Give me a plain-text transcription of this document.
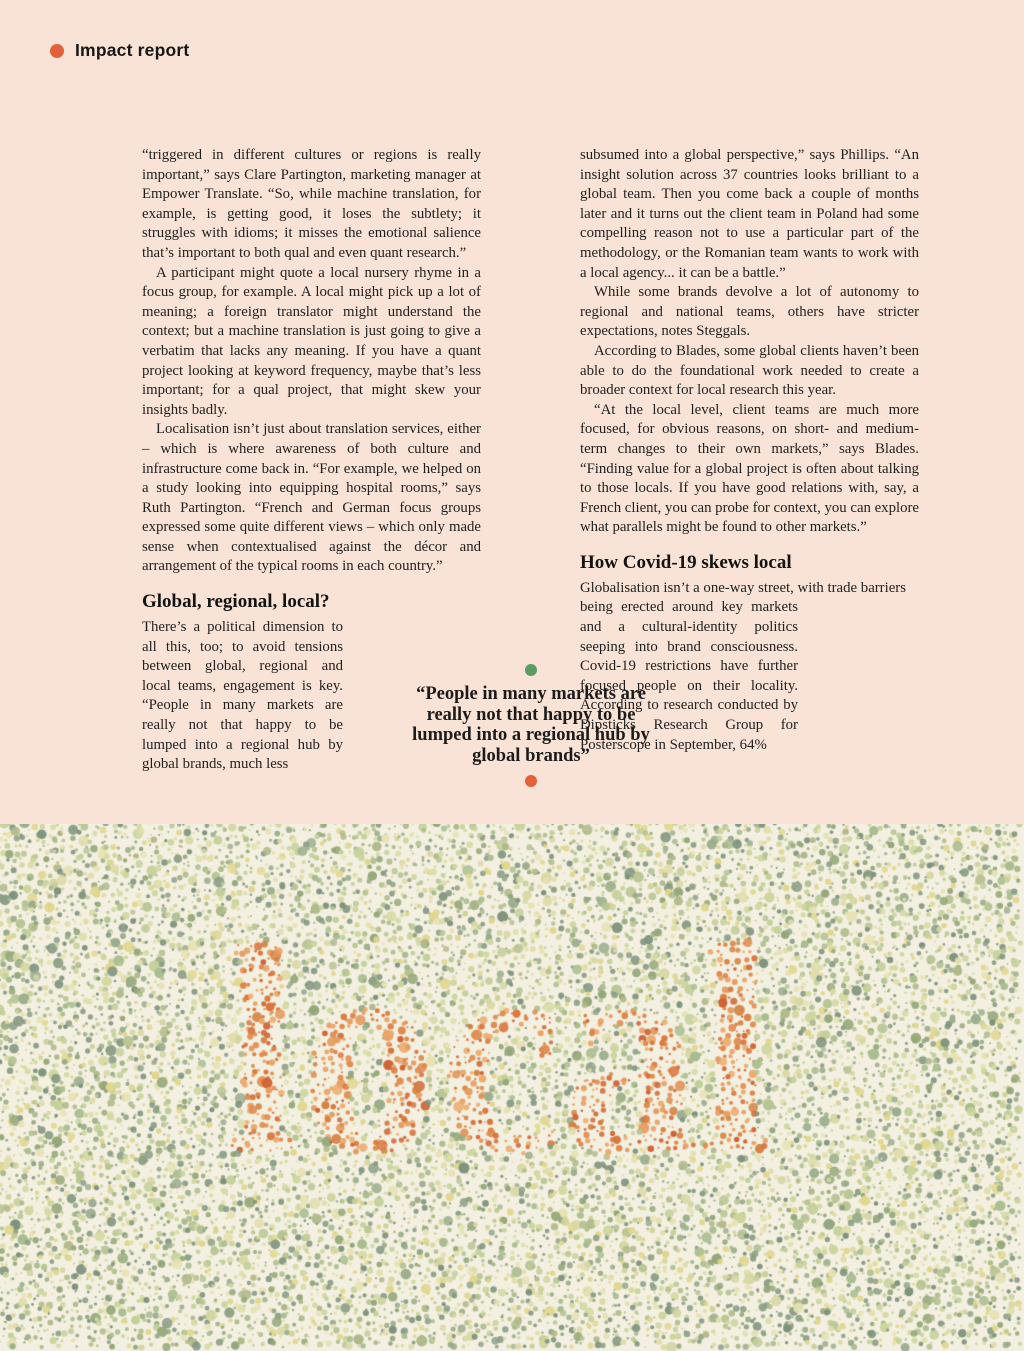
Impact report

“triggered in different cultures or regions is really important,” says Clare Partington, marketing manager at Empower Translate. “So, while machine translation, for example, is getting good, it loses the subtlety; it struggles with idioms; it misses the emotional salience that’s important to both qual and even quant research.”

A participant might quote a local nursery rhyme in a focus group, for example. A local might pick up a lot of meaning; a foreign translator might understand the context; but a machine translation is just going to give a verbatim that lacks any meaning. If you have a quant project looking at keyword frequency, maybe that’s less important; for a qual project, that might skew your insights badly.

Localisation isn’t just about translation services, either – which is where awareness of both culture and infrastructure come back in. “For example, we helped on a study looking into equipping hospital rooms,” says Ruth Partington. “French and German focus groups expressed some quite different views – which only made sense when contextualised against the décor and arrangement of the typical rooms in each country.”

Global, regional, local?

There’s a political dimension to all this, too; to avoid tensions between global, regional and local teams, engagement is key. “People in many markets are really not that happy to be lumped into a regional hub by global brands, much less

subsumed into a global perspective,” says Phillips. “An insight solution across 37 countries looks brilliant to a global team. Then you come back a couple of months later and it turns out the client team in Poland had some compelling reason not to use a particular part of the methodology, or the Romanian team wants to work with a local agency... it can be a battle.”

While some brands devolve a lot of autonomy to regional and national teams, others have stricter expectations, notes Steggals.

According to Blades, some global clients haven’t been able to do the foundational work needed to create a broader context for local research this year.

“At the local level, client teams are much more focused, for obvious reasons, on short- and medium-term changes to their own markets,” says Blades. “Finding value for a global project is often about talking to those locals. If you have good relations with, say, a French client, you can probe for context, you can explore what parallels might be found to other markets.”

How Covid-19 skews local

Globalisation isn’t a one-way street, with trade barriers

being erected around key markets and a cultural-identity politics seeping into brand consciousness. Covid-19 restrictions have further focused people on their locality. According to research conducted by Dipsticks Research Group for Posterscope in September, 64%

“People in many markets are really not that happy to be lumped into a regional hub by global brands”
